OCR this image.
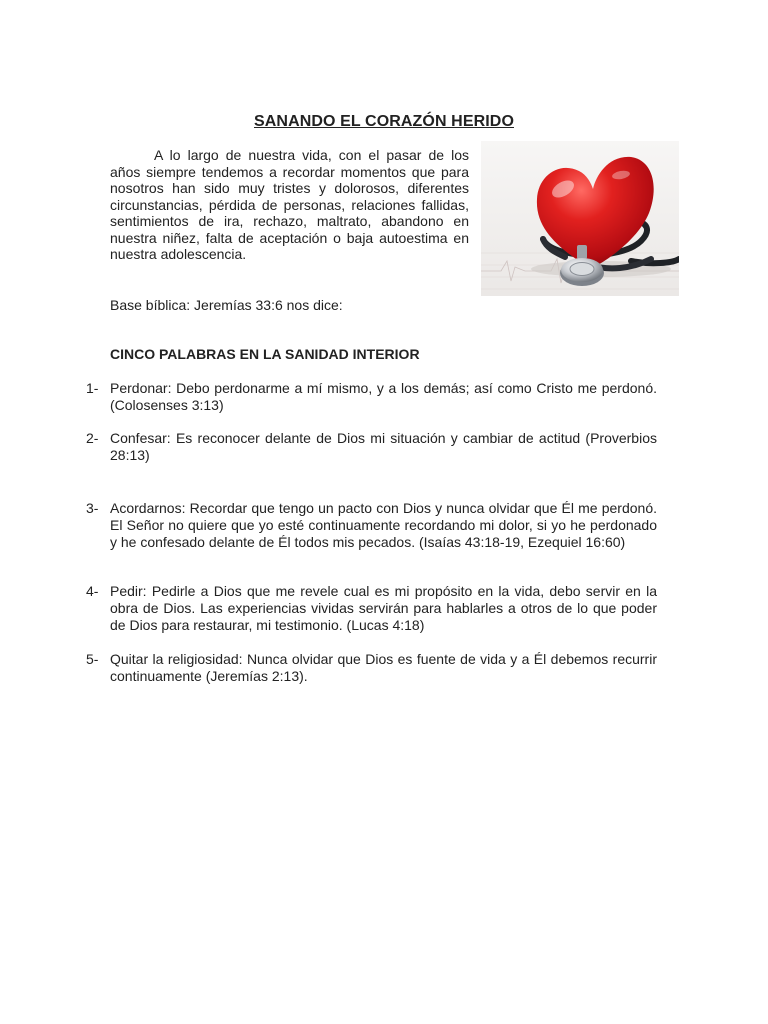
SANANDO EL CORAZÓN HERIDO

A lo largo de nuestra vida, con el pasar de los años siempre tendemos a recordar momentos que para nosotros han sido muy tristes y dolorosos, diferentes circunstancias, pérdida de personas, relaciones fallidas, sentimientos de ira, rechazo, maltrato, abandono en nuestra niñez, falta de aceptación o baja autoestima en nuestra adolescencia.

Base bíblica: Jeremías 33:6 nos dice:

CINCO PALABRAS EN LA SANIDAD INTERIOR

1- Perdonar: Debo perdonarme a mí mismo, y a los demás; así como Cristo me perdonó. (Colosenses 3:13)
2- Confesar: Es reconocer delante de Dios mi situación y cambiar de actitud (Proverbios 28:13)
3- Acordarnos: Recordar que tengo un pacto con Dios y nunca olvidar que Él me perdonó. El Señor no quiere que yo esté continuamente recordando mi dolor, si yo he perdonado y he confesado delante de Él todos mis pecados. (Isaías 43:18-19, Ezequiel 16:60)
4- Pedir: Pedirle a Dios que me revele cual es mi propósito en la vida, debo servir en la obra de Dios. Las experiencias vividas servirán para hablarles a otros de lo que poder de Dios para restaurar, mi testimonio. (Lucas 4:18)
5- Quitar la religiosidad: Nunca olvidar que Dios es fuente de vida y a Él debemos recurrir continuamente (Jeremías 2:13).
